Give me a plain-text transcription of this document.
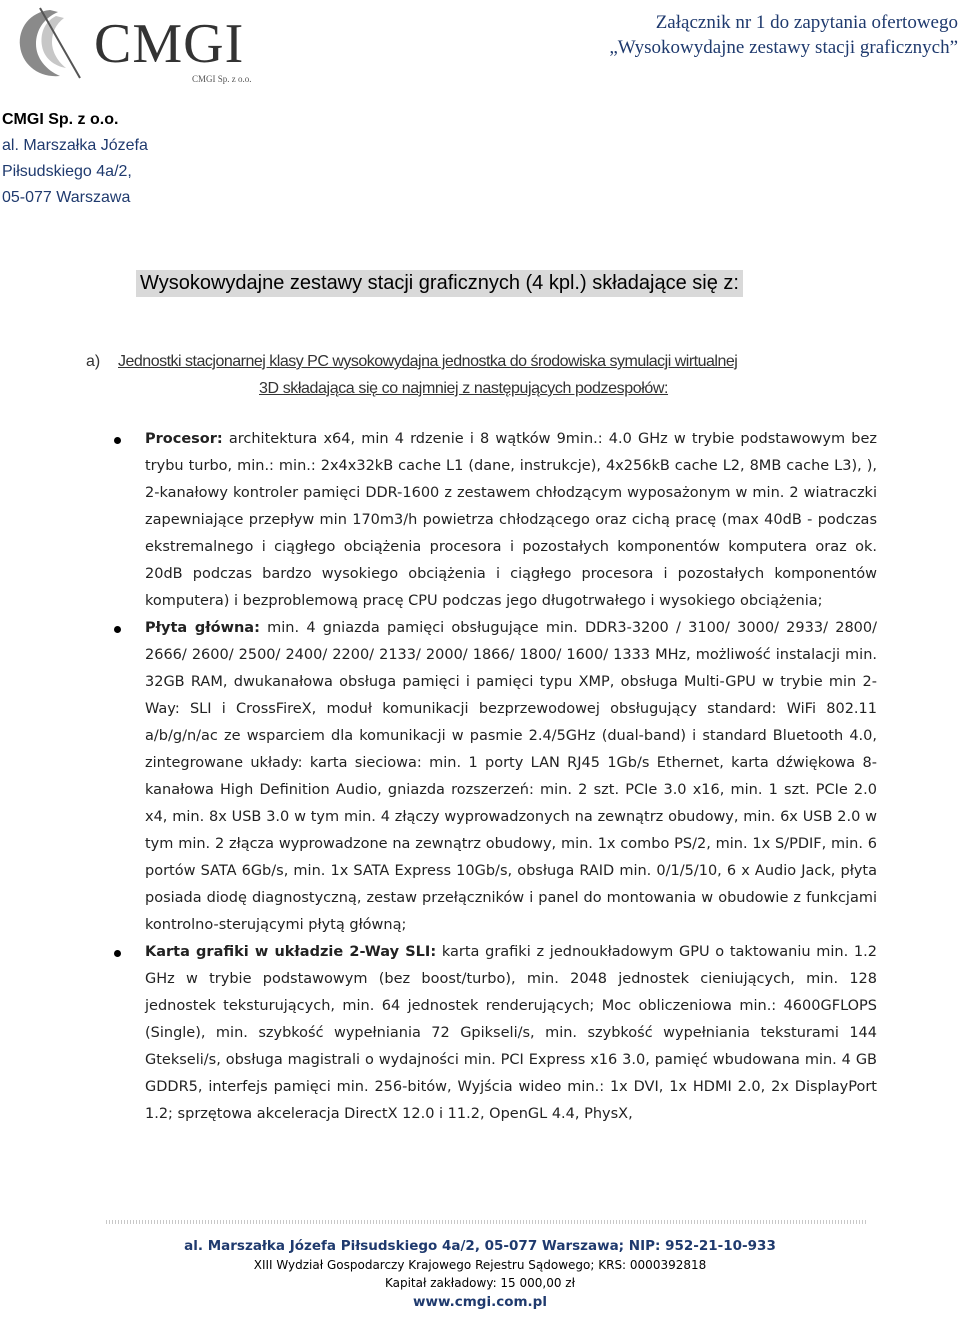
CMGI
CMGI Sp. z o.o.
Załącznik nr 1 do zapytania ofertowego
„Wysokowydajne zestawy stacji graficznych”
CMGI Sp. z o.o.
al. Marszałka Józefa
Piłsudskiego 4a/2,
05-077 Warszawa
Wysokowydajne zestawy stacji graficznych (4 kpl.) składające się z:
a) Jednostki stacjonarnej klasy PC wysokowydajna jednostka do środowiska symulacji wirtualnej
3D składająca się co najmniej z następujących podzespołów:
Procesor: architektura x64, min 4 rdzenie i 8 wątków 9min.: 4.0 GHz w trybie podstawowym bez trybu turbo, min.: min.: 2x4x32kB cache L1 (dane, instrukcje), 4x256kB cache L2, 8MB cache L3), ), 2-kanałowy kontroler pamięci DDR-1600 z zestawem chłodzącym wyposażonym w min. 2 wiatraczki zapewniające przepływ min 170m3/h powietrza chłodzącego oraz cichą pracę (max 40dB - podczas ekstremalnego i ciągłego obciążenia procesora i pozostałych komponentów komputera oraz ok. 20dB podczas bardzo wysokiego obciążenia i ciągłego procesora i pozostałych komponentów komputera) i bezproblemową pracę CPU podczas jego długotrwałego i wysokiego obciążenia;
Płyta główna: min. 4 gniazda pamięci obsługujące min. DDR3-3200 / 3100/ 3000/ 2933/ 2800/ 2666/ 2600/ 2500/ 2400/ 2200/ 2133/ 2000/ 1866/ 1800/ 1600/ 1333 MHz, możliwość instalacji min. 32GB RAM, dwukanałowa obsługa pamięci i pamięci typu XMP, obsługa Multi-GPU w trybie min 2-Way: SLI i CrossFireX, moduł komunikacji bezprzewodowej obsługujący standard: WiFi 802.11 a/b/g/n/ac ze wsparciem dla komunikacji w pasmie 2.4/5GHz (dual-band) i standard Bluetooth 4.0, zintegrowane układy: karta sieciowa: min. 1 porty LAN RJ45 1Gb/s Ethernet, karta dźwiękowa 8-kanałowa High Definition Audio, gniazda rozszerzeń: min. 2 szt. PCIe 3.0 x16, min. 1 szt. PCIe 2.0 x4, min. 8x USB 3.0 w tym min. 4 złączy wyprowadzonych na zewnątrz obudowy, min. 6x USB 2.0 w tym min. 2 złącza wyprowadzone na zewnątrz obudowy, min. 1x combo PS/2, min. 1x S/PDIF, min. 6 portów SATA 6Gb/s, min. 1x SATA Express 10Gb/s, obsługa RAID min. 0/1/5/10, 6 x Audio Jack, płyta posiada diodę diagnostyczną, zestaw przełączników i panel do montowania w obudowie z funkcjami kontrolno-sterującymi płytą główną;
Karta grafiki w układzie 2-Way SLI: karta grafiki z jednoukładowym GPU o taktowaniu min. 1.2 GHz w trybie podstawowym (bez boost/turbo), min. 2048 jednostek cieniujących, min. 128 jednostek teksturujących, min. 64 jednostek renderujących; Moc obliczeniowa min.: 4600GFLOPS (Single), min. szybkość wypełniania 72 Gpikseli/s, min. szybkość wypełniania teksturami 144 Gtekseli/s, obsługa magistrali o wydajności min. PCI Express x16 3.0, pamięć wbudowana min. 4 GB GDDR5, interfejs pamięci min. 256-bitów, Wyjścia wideo min.: 1x DVI, 1x HDMI 2.0, 2x DisplayPort 1.2; sprzętowa akceleracja DirectX 12.0 i 11.2, OpenGL 4.4, PhysX,
al. Marszałka Józefa Piłsudskiego 4a/2, 05-077 Warszawa; NIP: 952-21-10-933
XIII Wydział Gospodarczy Krajowego Rejestru Sądowego; KRS: 0000392818
Kapitał zakładowy: 15 000,00 zł
www.cmgi.com.pl
